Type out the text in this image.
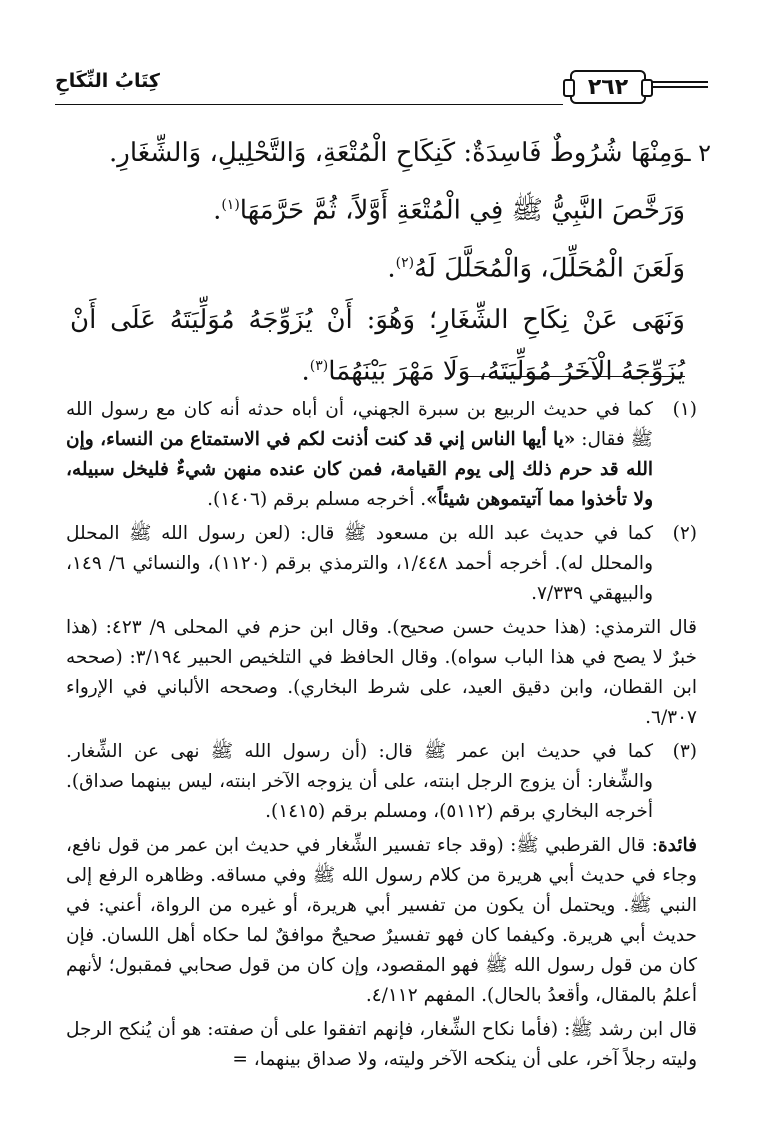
كِتَابُ النِّكَاحِ	٢٦٢
٢ ـ

وَمِنْهَا شُرُوطٌ فَاسِدَةٌ: كَنِكَاحِ الْمُتْعَةِ، وَالتَّحْلِيلِ، وَالشِّغَارِ.

وَرَخَّصَ النَّبِيُّ ﷺ فِي الْمُتْعَةِ أَوَّلاً، ثُمَّ حَرَّمَهَا$^{(١)}$.

وَلَعَنَ الْمُحَلِّلَ، وَالْمُحَلَّلَ لَهُ$^{(٢)}$.

وَنَهَى عَنْ نِكَاحِ الشِّغَارِ؛ وَهُوَ: أَنْ يُزَوِّجَهُ مُوَلِّيَتَهُ عَلَى أَنْ يُزَوِّجَهُ الْآخَرُ مُوَلِّيَتَهُ، وَلَا مَهْرَ بَيْنَهُمَا$^{(٣)}$.

(١)

كما في حديث الربيع بن سبرة الجهني، أن أباه حدثه أنه كان مع رسول الله ﷺ فقال: «يا أيها الناس إني قد كنت أذنت لكم في الاستمتاع من النساء، وإن الله قد حرم ذلك إلى يوم القيامة، فمن كان عنده منهن شيءٌ فليخل سبيله، ولا تأخذوا مما آتيتموهن شيئاً». أخرجه مسلم برقم (١٤٠٦).

(٢)

كما في حديث عبد الله بن مسعود ﷺ قال: (لعن رسول الله ﷺ المحلل والمحلل له). أخرجه أحمد ١/٤٤٨، والترمذي برقم (١١٢٠)، والنسائي ٦/ ١٤٩، والبيهقي ٧/٣٣٩.

قال الترمذي: (هذا حديث حسن صحيح). وقال ابن حزم في المحلى ٩/ ٤٢٣: (هذا خبرٌ لا يصح في هذا الباب سواه). وقال الحافظ في التلخيص الحبير ٣/١٩٤: (صححه ابن القطان، وابن دقيق العيد، على شرط البخاري). وصححه الألباني في الإرواء ٦/٣٠٧.

(٣)

كما في حديث ابن عمر ﷺ قال: (أن رسول الله ﷺ نهى عن الشِّغار. والشِّغار: أن يزوج الرجل ابنته، على أن يزوجه الآخر ابنته، ليس بينهما صداق). أخرجه البخاري برقم (٥١١٢)، ومسلم برقم (١٤١٥).

فائدة: قال القرطبي ﷺ: (وقد جاء تفسير الشِّغار في حديث ابن عمر من قول نافع، وجاء في حديث أبي هريرة من كلام رسول الله ﷺ وفي مساقه. وظاهره الرفع إلى النبي ﷺ. ويحتمل أن يكون من تفسير أبي هريرة، أو غيره من الرواة، أعني: في حديث أبي هريرة. وكيفما كان فهو تفسيرٌ صحيحٌ موافقٌ لما حكاه أهل اللسان. فإن كان من قول رسول الله ﷺ فهو المقصود، وإن كان من قول صحابي فمقبول؛ لأنهم أعلمُ بالمقال، وأقعدُ بالحال). المفهم ٤/١١٢.

قال ابن رشد ﷺ: (فأما نكاح الشِّغار، فإنهم اتفقوا على أن صفته: هو أن يُنكح الرجل وليته رجلاً آخر، على أن ينكحه الآخر وليته، ولا صداق بينهما، =
